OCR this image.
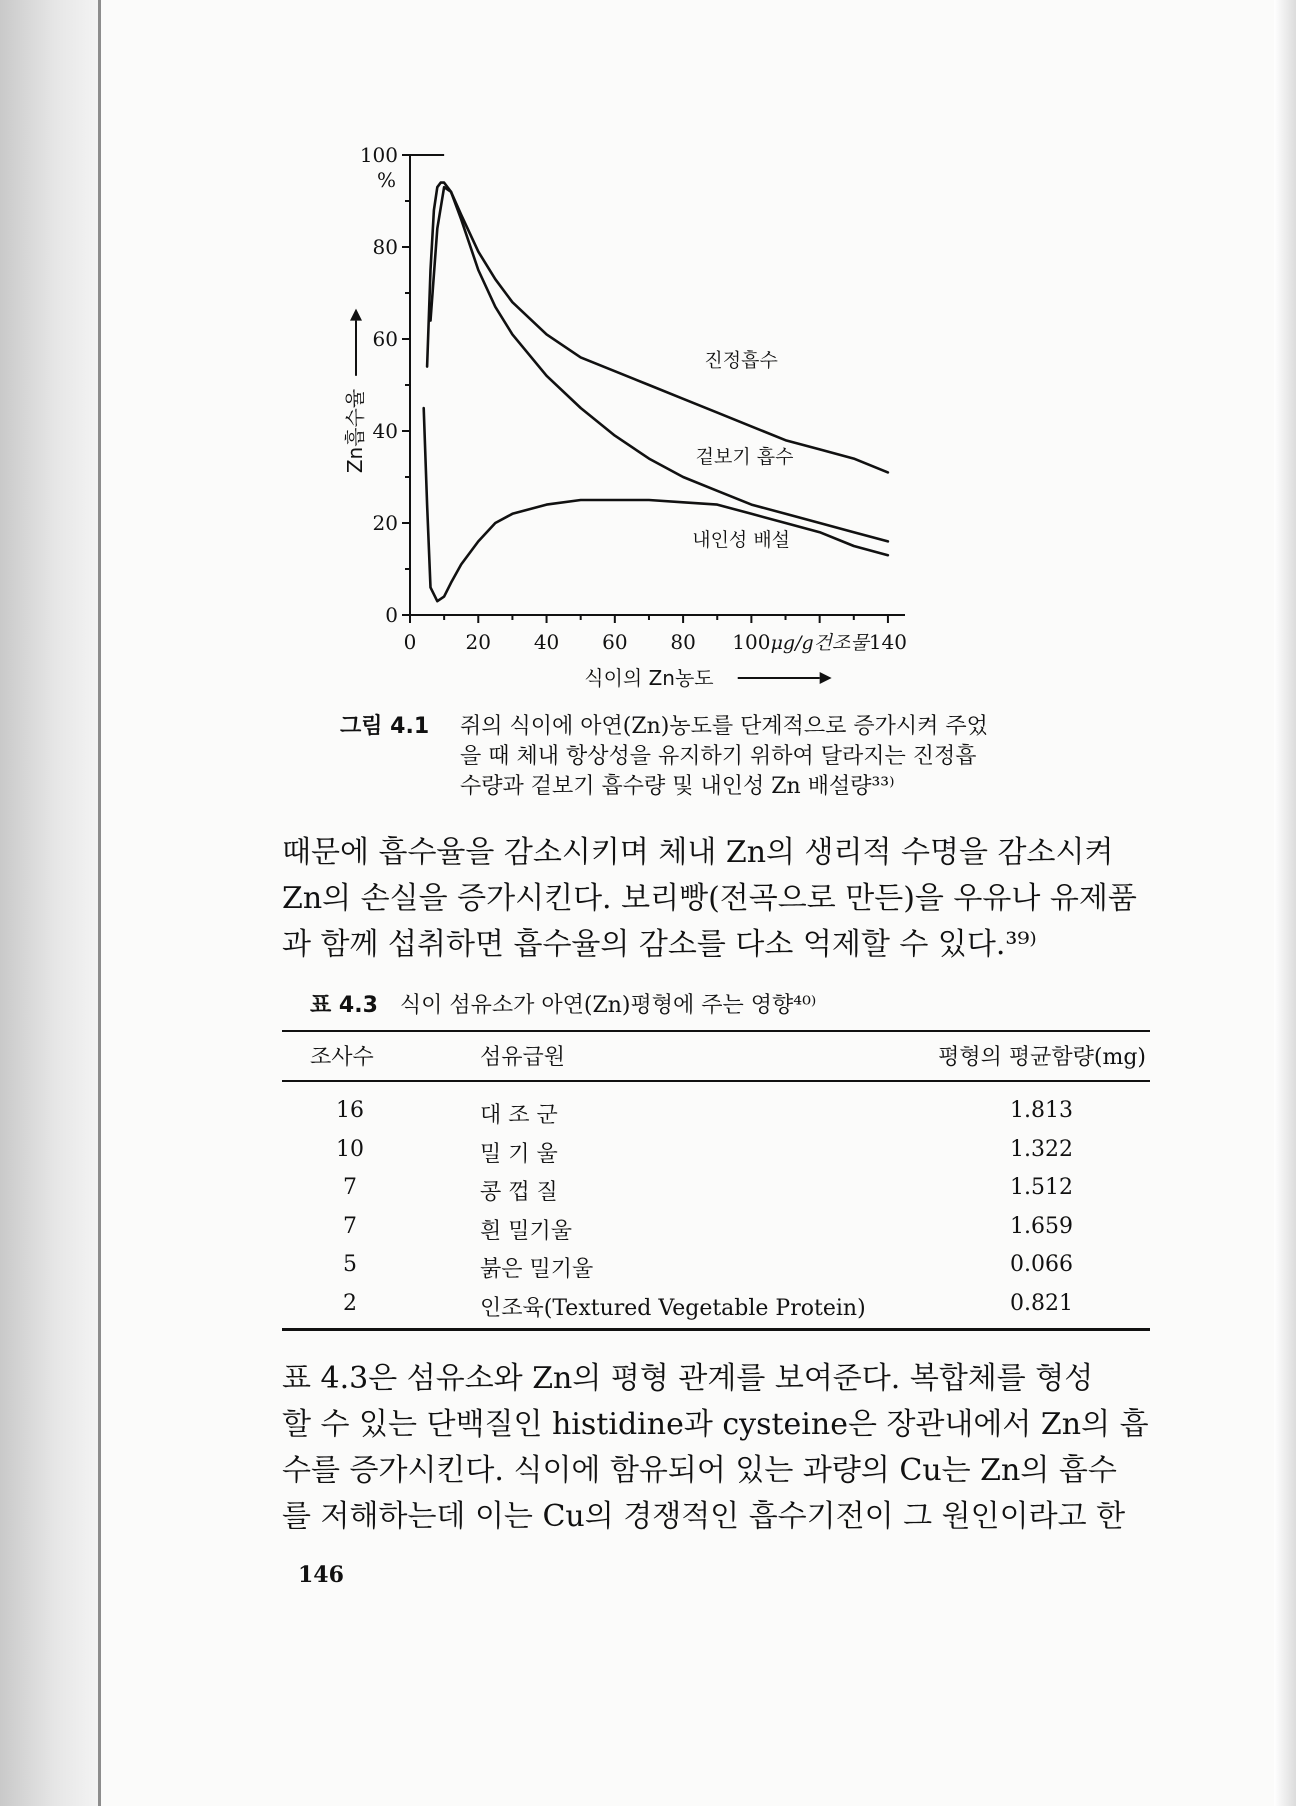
0
20
40
60
80
100
%
0 20 40 60 80 100	140
μg/g건조물
식이의 Zn농도
Zn흡수율
진정흡수
겉보기 흡수
내인성 배설
그림 4.1 쥐의 식이에 아연(Zn)농도를 단계적으로 증가시켜 주었
을 때 체내 항상성을 유지하기 위하여 달라지는 진정흡
수량과 겉보기 흡수량 및 내인성 Zn 배설량³³⁾
때문에 흡수율을 감소시키며 체내 Zn의 생리적 수명을 감소시켜
Zn의 손실을 증가시킨다. 보리빵(전곡으로 만든)을 우유나 유제품
과 함께 섭취하면 흡수율의 감소를 다소 억제할 수 있다.³⁹⁾
표 4.3 식이 섬유소가 아연(Zn)평형에 주는 영향⁴⁰⁾
조사수	섬유급원	평형의 평균함량(mg)
16	대 조 군	1.813
10	밀 기 울	1.322
7	콩 껍 질	1.512
7	흰 밀기울	1.659
5	붉은 밀기울	0.066
2	인조육(Textured Vegetable Protein)	0.821
표 4.3은 섬유소와 Zn의 평형 관계를 보여준다. 복합체를 형성
할 수 있는 단백질인 histidine과 cysteine은 장관내에서 Zn의 흡
수를 증가시킨다. 식이에 함유되어 있는 과량의 Cu는 Zn의 흡수
를 저해하는데 이는 Cu의 경쟁적인 흡수기전이 그 원인이라고 한
146
